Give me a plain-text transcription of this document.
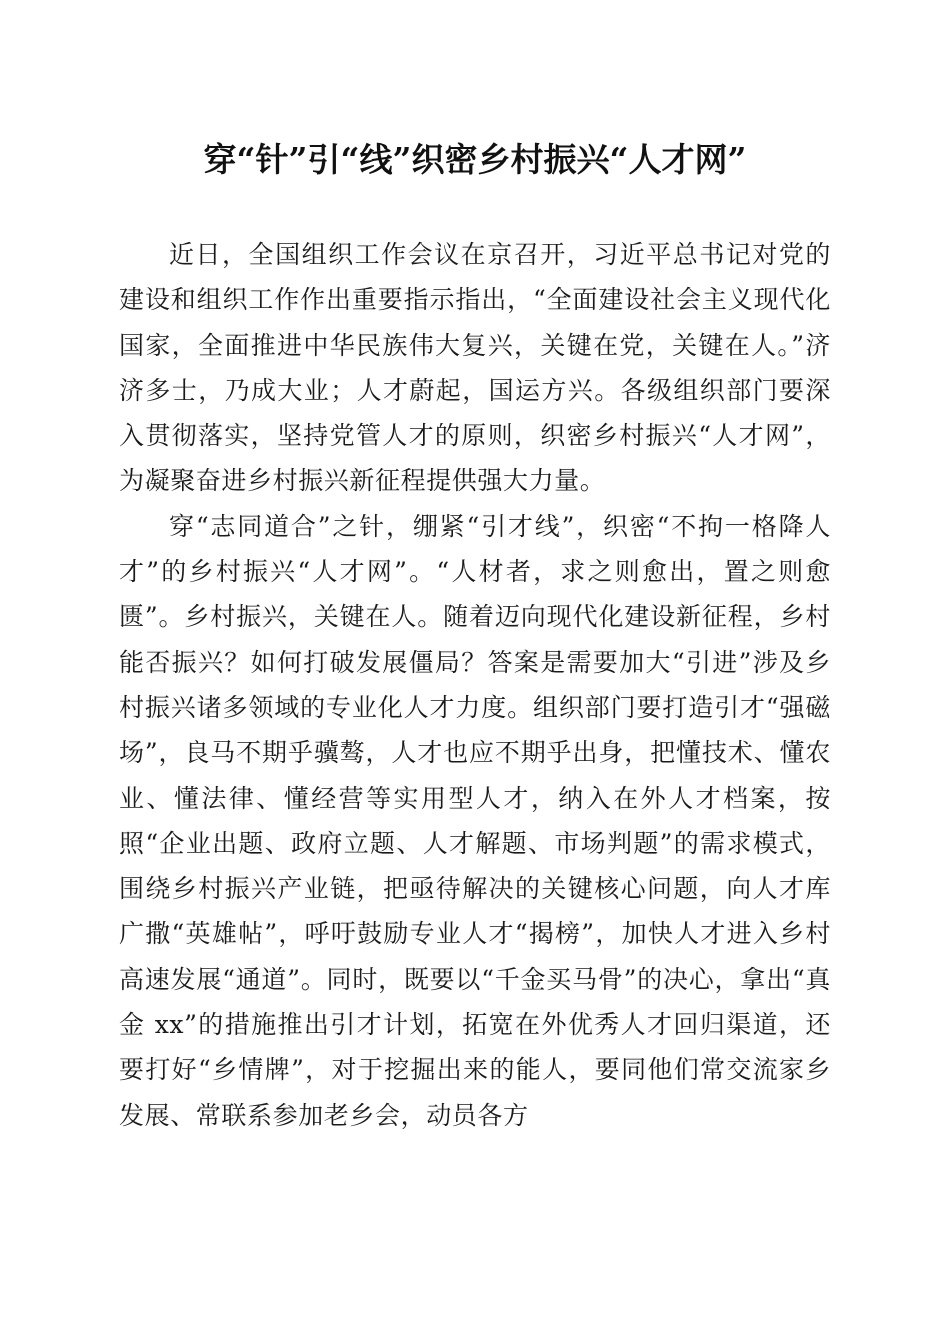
穿“针”引“线”织密乡村振兴“人才网”

近日，全国组织工作会议在京召开，习近平总书记对党的建设和组织工作作出重要指示指出，“全面建设社会主义现代化国家，全面推进中华民族伟大复兴，关键在党，关键在人。”济济多士，乃成大业；人才蔚起，国运方兴。各级组织部门要深入贯彻落实，坚持党管人才的原则，织密乡村振兴“人才网”，为凝聚奋进乡村振兴新征程提供强大力量。

穿“志同道合”之针，绷紧“引才线”，织密“不拘一格降人才”的乡村振兴“人才网”。“人材者，求之则愈出，置之则愈匮”。乡村振兴，关键在人。随着迈向现代化建设新征程，乡村能否振兴？如何打破发展僵局？答案是需要加大“引进”涉及乡村振兴诸多领域的专业化人才力度。组织部门要打造引才“强磁场”，良马不期乎骥骜，人才也应不期乎出身，把懂技术、懂农业、懂法律、懂经营等实用型人才，纳入在外人才档案，按照“企业出题、政府立题、人才解题、市场判题”的需求模式，围绕乡村振兴产业链，把亟待解决的关键核心问题，向人才库广撒“英雄帖”，呼吁鼓励专业人才“揭榜”，加快人才进入乡村高速发展“通道”。同时，既要以“千金买马骨”的决心，拿出“真金 xx”的措施推出引才计划，拓宽在外优秀人才回归渠道，还要打好“乡情牌”，对于挖掘出来的能人，要同他们常交流家乡发展、常联系参加老乡会，动员各方
